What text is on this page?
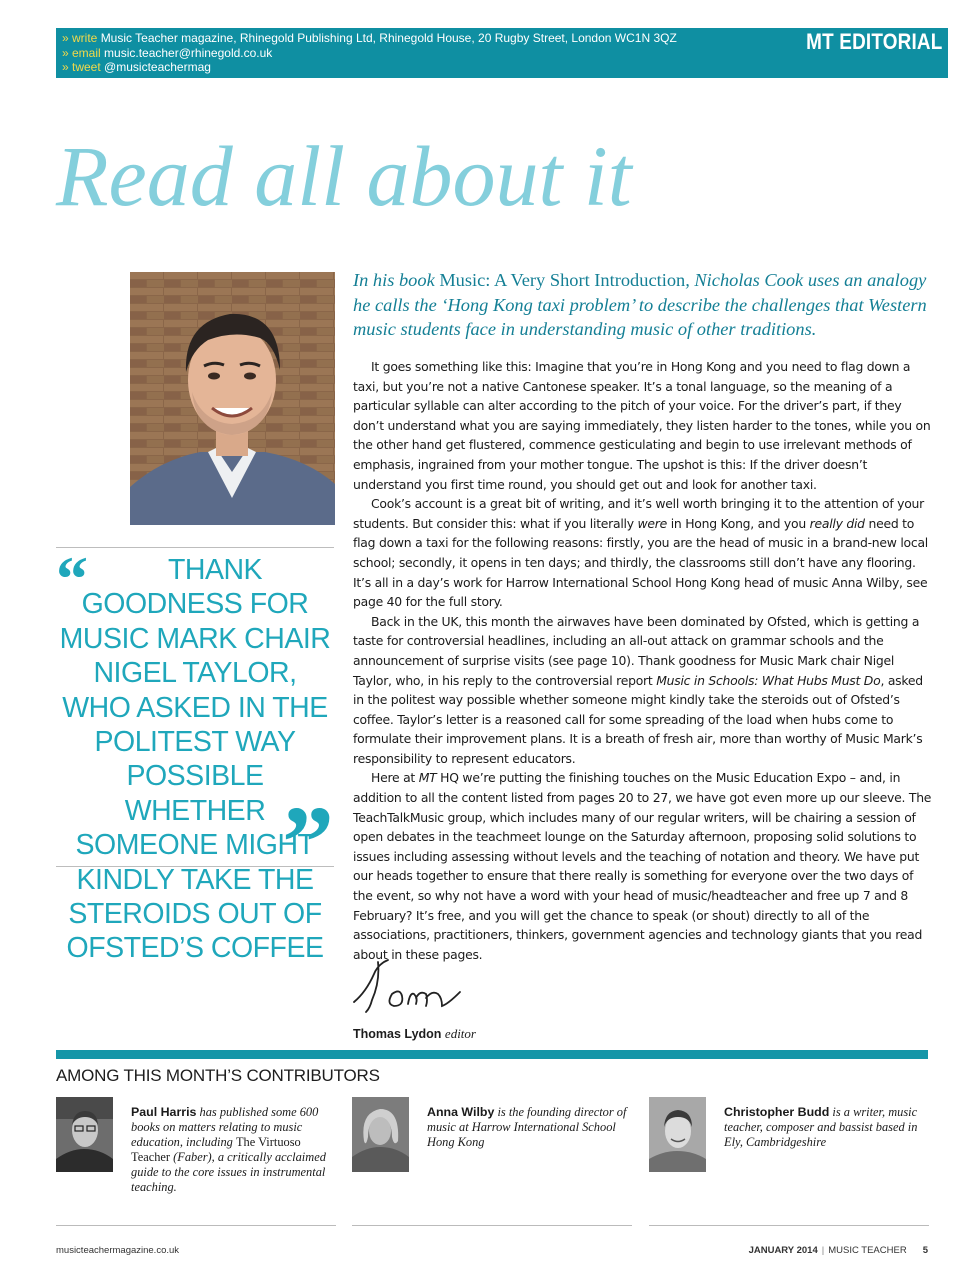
» write Music Teacher magazine, Rhinegold Publishing Ltd, Rhinegold House, 20 Rugby Street, London WC1N 3QZ
» email music.teacher@rhinegold.co.uk
» tweet @musicteachermag
MT EDITORIAL
Read all about it
“	THANK GOODNESS FOR MUSIC MARK CHAIR NIGEL TAYLOR, WHO ASKED IN THE POLITEST WAY POSSIBLE WHETHER SOMEONE MIGHT KINDLY TAKE THE STEROIDS OUT OF OFSTED’S COFFEE
”

In his book Music: A Very Short Introduction, Nicholas Cook uses an analogy he calls the ‘Hong Kong taxi problem’ to describe the challenges that Western music students face in understanding music of other traditions.

It goes something like this: Imagine that you’re in Hong Kong and you need to flag down a taxi, but you’re not a native Cantonese speaker. It’s a tonal language, so the meaning of a particular syllable can alter according to the pitch of your voice. For the driver’s part, if they don’t understand what you are saying immediately, they listen harder to the tones, while you on the other hand get flustered, commence gesticulating and begin to use irrelevant methods of emphasis, ingrained from your mother tongue. The upshot is this: If the driver doesn’t understand you first time round, you should get out and look for another taxi.

Cook’s account is a great bit of writing, and it’s well worth bringing it to the attention of your students. But consider this: what if you literally were in Hong Kong, and you really did need to flag down a taxi for the following reasons: firstly, you are the head of music in a brand-new local school; secondly, it opens in ten days; and thirdly, the classrooms still don’t have any flooring. It’s all in a day’s work for Harrow International School Hong Kong head of music Anna Wilby, see page 40 for the full story.

Back in the UK, this month the airwaves have been dominated by Ofsted, which is getting a taste for controversial headlines, including an all-out attack on grammar schools and the announcement of surprise visits (see page 10). Thank goodness for Music Mark chair Nigel Taylor, who, in his reply to the controversial report Music in Schools: What Hubs Must Do, asked in the politest way possible whether someone might kindly take the steroids out of Ofsted’s coffee. Taylor’s letter is a reasoned call for some spreading of the load when hubs come to formulate their improvement plans. It is a breath of fresh air, more than worthy of Music Mark’s responsibility to represent educators.

Here at MT HQ we’re putting the finishing touches on the Music Education Expo – and, in addition to all the content listed from pages 20 to 27, we have got even more up our sleeve. The TeachTalkMusic group, which includes many of our regular writers, will be chairing a session of open debates in the teachmeet lounge on the Saturday afternoon, proposing solid solutions to issues including assessing without levels and the teaching of notation and theory. We have put our heads together to ensure that there really is something for everyone over the two days of the event, so why not have a word with your head of music/headteacher and free up 7 and 8 February? It’s free, and you will get the chance to speak (or shout) directly to all of the associations, practitioners, thinkers, government agencies and technology giants that you read about in these pages.

Thomas Lydon editor
AMONG THIS MONTH’S CONTRIBUTORS
Paul Harris has published some 600 books on matters relating to music education, including The Virtuoso Teacher (Faber), a critically acclaimed guide to the core issues in instrumental teaching.
Anna Wilby is the founding director of music at Harrow International School Hong Kong
Christopher Budd is a writer, music teacher, composer and bassist based in Ely, Cambridgeshire
musicteachermagazine.co.uk	JANUARY 2014 | MUSIC TEACHER 5
